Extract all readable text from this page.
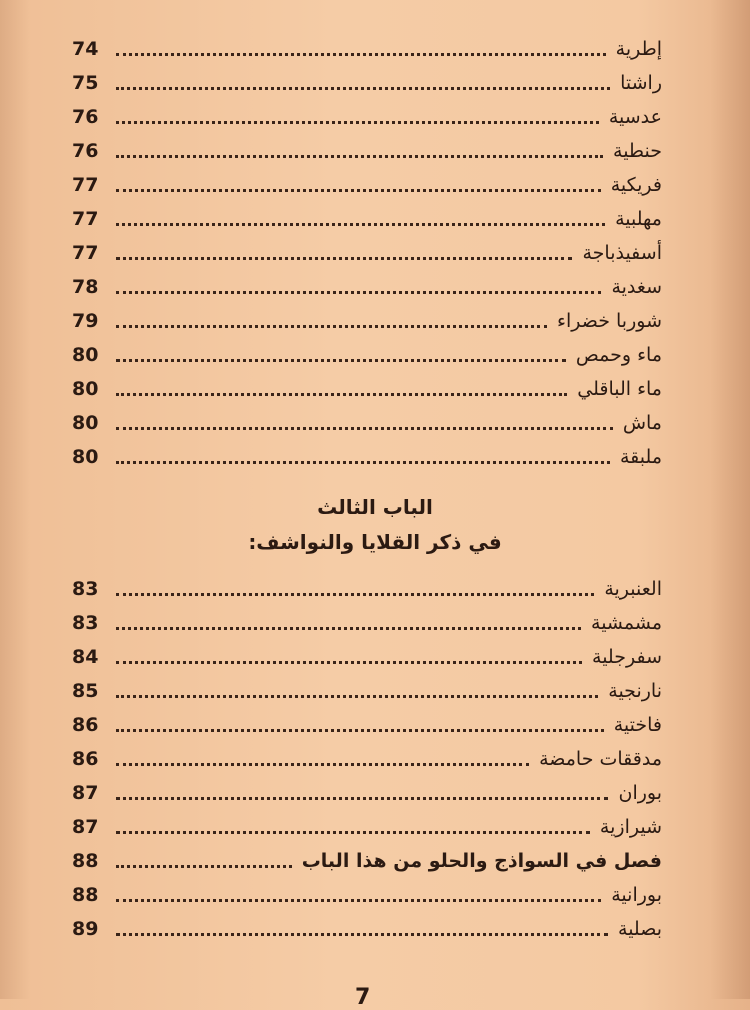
إطرية
74
راشتا
75
عدسية
76
حنطية
76
فريكية
77
مهلبية
77
أسفيذباجة
77
سغدية
78
شوربا خضراء
79
ماء وحمص
80
ماء الباقلي
80
ماش
80
ملبقة
80
الباب الثالث
في ذكر القلايا والنواشف:
العنبرية
83
مشمشية
83
سفرجلية
84
نارنجية
85
فاختية
86
مدققات حامضة
86
بوران
87
شيرازية
87
فصل في السواذج والحلو من هذا الباب
88
بورانية
88
بصلية
89
7
